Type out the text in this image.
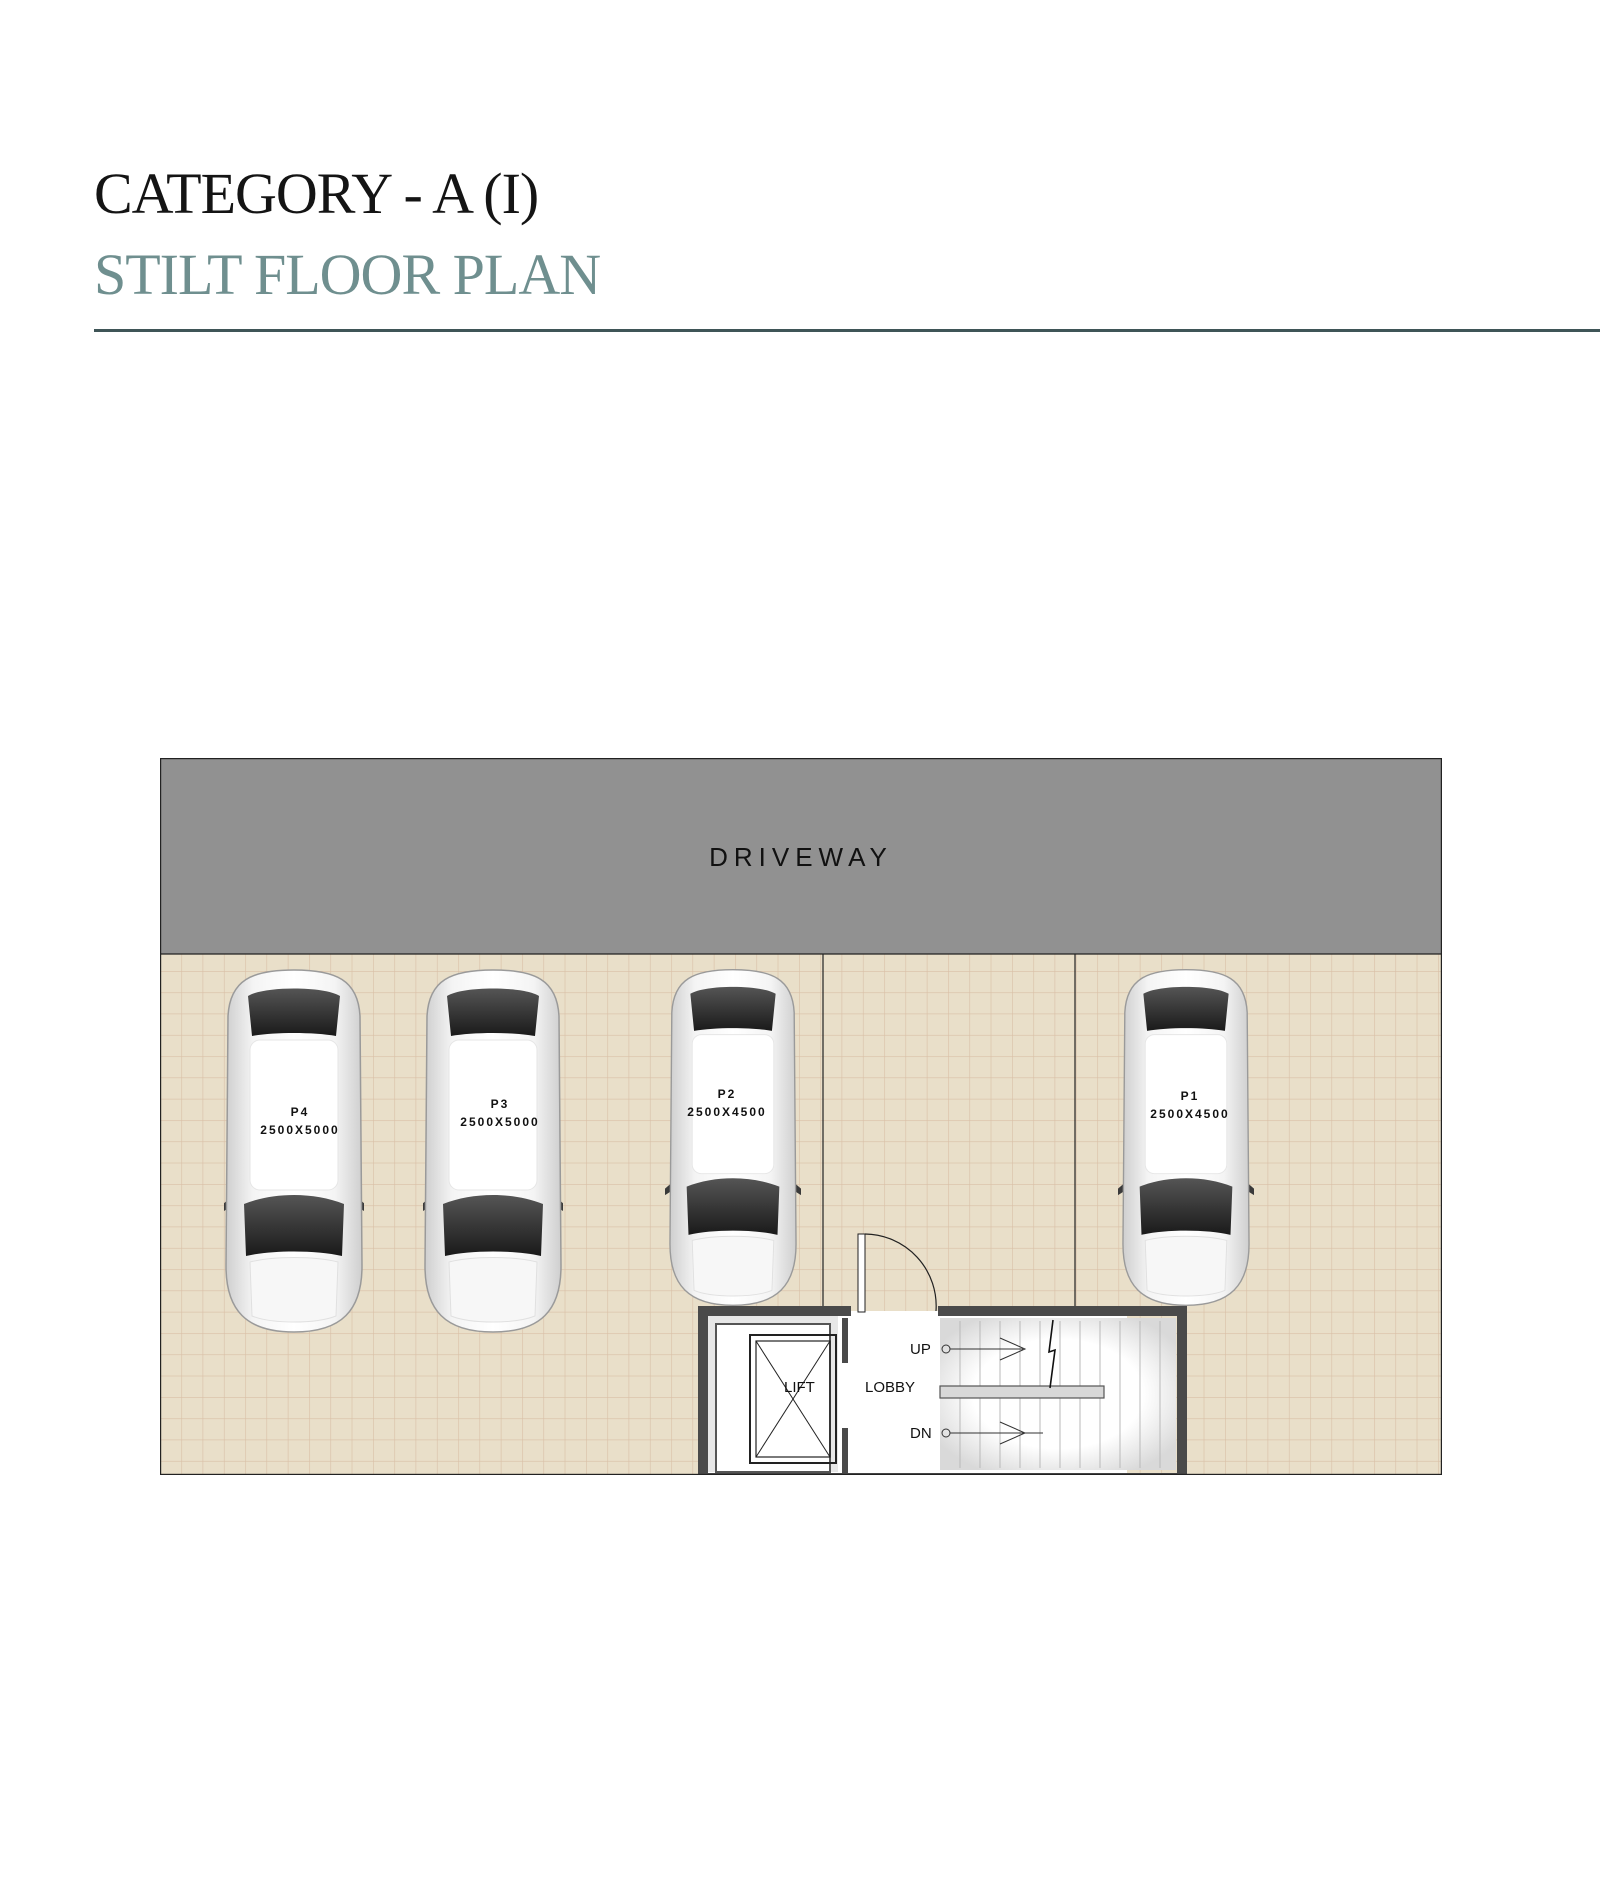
CATEGORY - A (I)
STILT FLOOR PLAN
DRIVEWAY
P4
2500X5000
P3
2500X5000
P2
2500X4500
P1
2500X4500
LIFT	LOBBY
UP
DN
